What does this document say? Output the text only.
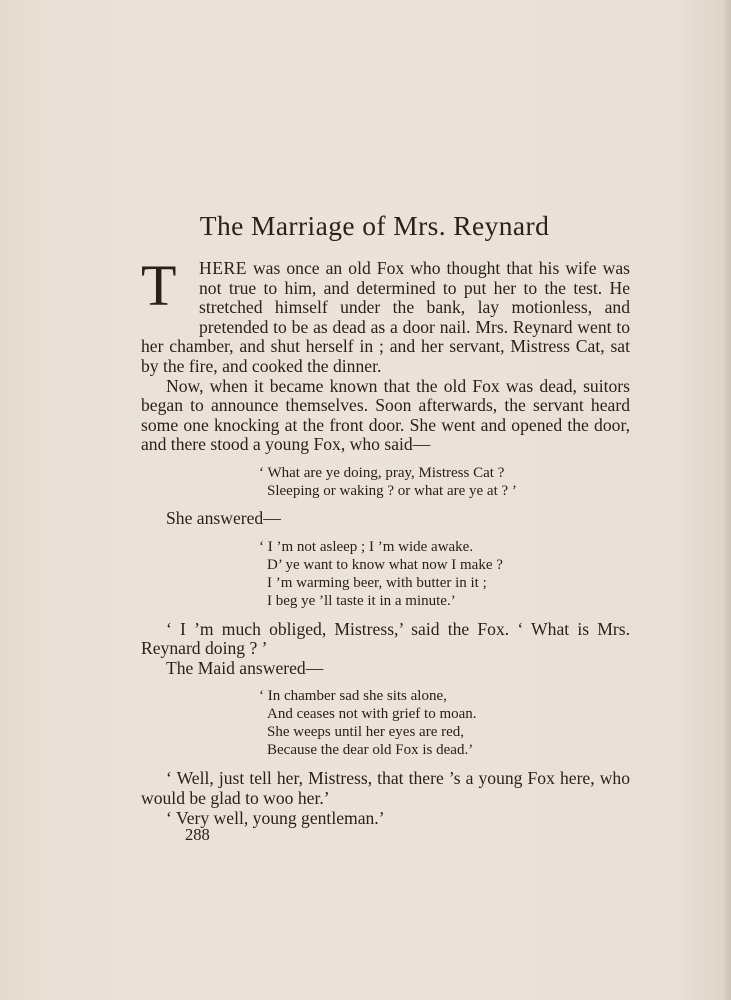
The Marriage of Mrs. Reynard

T	HERE was once an old Fox who thought that his wife was not true to him, and determined to put her to the test. He stretched himself under the bank, lay motionless, and pretended to be as dead as a door nail. Mrs. Reynard went to her chamber, and shut herself in ; and her servant, Mistress Cat, sat by the fire, and cooked the dinner.

Now, when it became known that the old Fox was dead, suitors began to announce themselves. Soon afterwards, the servant heard some one knocking at the front door. She went and opened the door, and there stood a young Fox, who said—

‘ What are ye doing, pray, Mistress Cat ?
Sleeping or waking ? or what are ye at ? ’

She answered—

‘ I ’m not asleep ; I ’m wide awake.
D’ ye want to know what now I make ?
I ’m warming beer, with butter in it ;
I beg ye ’ll taste it in a minute.’

‘ I ’m much obliged, Mistress,’ said the Fox. ‘ What is Mrs. Reynard doing ? ’

The Maid answered—

‘ In chamber sad she sits alone,
And ceases not with grief to moan.
She weeps until her eyes are red,
Because the dear old Fox is dead.’

‘ Well, just tell her, Mistress, that there ’s a young Fox here, who would be glad to woo her.’

‘ Very well, young gentleman.’

288
